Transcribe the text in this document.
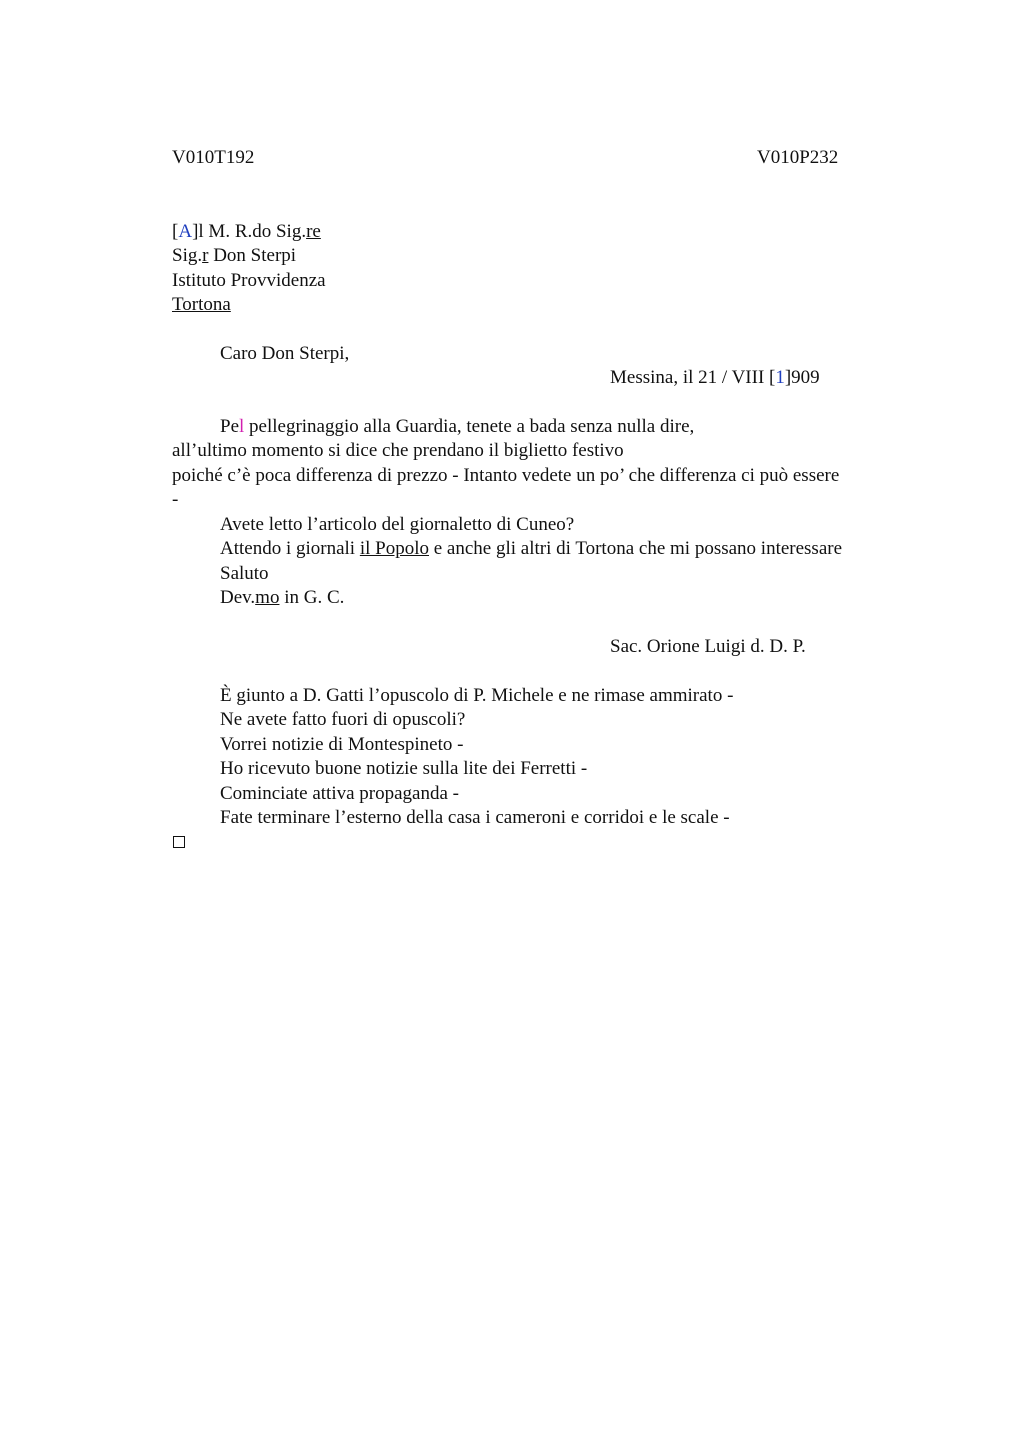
V010T192	V010P232
[A]l M. R.do Sig.re
Sig.r Don Sterpi
Istituto Provvidenza
Tortona
Caro Don Sterpi,
Messina, il 21 / VIII [1]909
Pel pellegrinaggio alla Guardia, tenete a bada senza nulla dire,
all’ultimo momento si dice che prendano il biglietto festivo
poiché c’è poca differenza di prezzo - Intanto vedete un po’ che differenza ci può essere
-
Avete letto l’articolo del giornaletto di Cuneo?
Attendo i giornali il Popolo e anche gli altri di Tortona che mi possano interessare
Saluto
Dev.mo in G. C.
Sac. Orione Luigi d. D. P.
È giunto a D. Gatti l’opuscolo di P. Michele e ne rimase ammirato -
Ne avete fatto fuori di opuscoli?
Vorrei notizie di Montespineto -
Ho ricevuto buone notizie sulla lite dei Ferretti -
Cominciate attiva propaganda -
Fate terminare l’esterno della casa i cameroni e corridoi e le scale -
